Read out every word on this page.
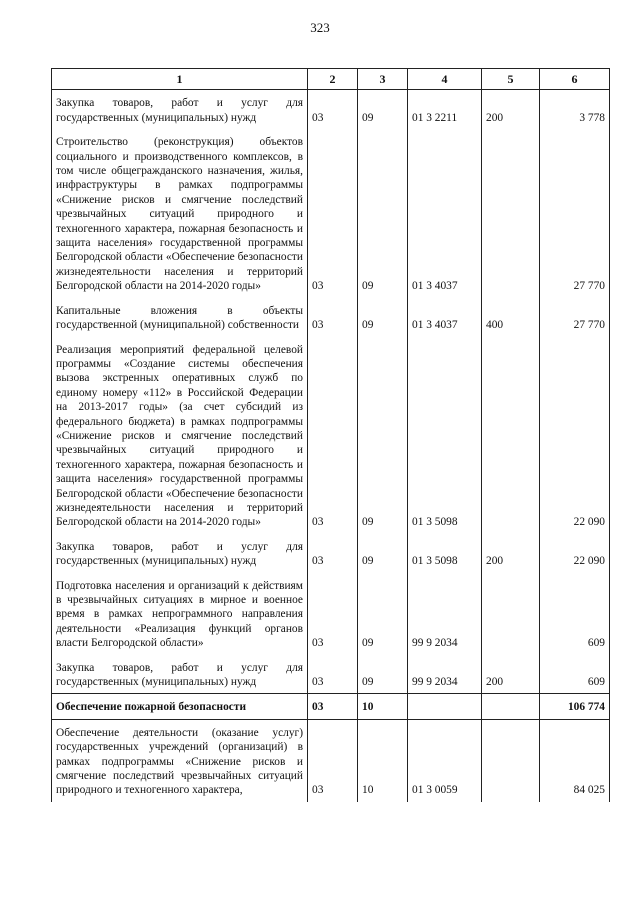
323
1	2	3	4	5	6
Закупка товаров, работ и услуг для государственных (муниципальных) нужд	03	09	01 3 2211	200	3 778
Строительство (реконструкция) объектов социального и производственного комплексов, в том числе общегражданского назначения, жилья, инфраструктуры в рамках подпрограммы «Снижение рисков и смягчение последствий чрезвычайных ситуаций природного и техногенного характера, пожарная безопасность и защита населения» государственной программы Белгородской области «Обеспечение безопасности жизнедеятельности населения и территорий Белгородской области на 2014-2020 годы»	03	09	01 3 4037		27 770
Капитальные вложения в объекты государственной (муниципальной) собственности	03	09	01 3 4037	400	27 770
Реализация мероприятий федеральной целевой программы «Создание системы обеспечения вызова экстренных оперативных служб по единому номеру «112» в Российской Федерации на 2013-2017 годы» (за счет субсидий из федерального бюджета) в рамках подпрограммы «Снижение рисков и смягчение последствий чрезвычайных ситуаций природного и техногенного характера, пожарная безопасность и защита населения» государственной программы Белгородской области «Обеспечение безопасности жизнедеятельности населения и территорий Белгородской области на 2014-2020 годы»	03	09	01 3 5098		22 090
Закупка товаров, работ и услуг для государственных (муниципальных) нужд	03	09	01 3 5098	200	22 090
Подготовка населения и организаций к действиям в чрезвычайных ситуациях в мирное и военное время в рамках непрограммного направления деятельности «Реализация функций органов власти Белгородской области»	03	09	99 9 2034		609
Закупка товаров, работ и услуг для государственных (муниципальных) нужд	03	09	99 9 2034	200	609
Обеспечение пожарной безопасности	03	10			106 774
Обеспечение деятельности (оказание услуг) государственных учреждений (организаций) в рамках подпрограммы «Снижение рисков и смягчение последствий чрезвычайных ситуаций природного и техногенного характера,	03	10	01 3 0059		84 025
